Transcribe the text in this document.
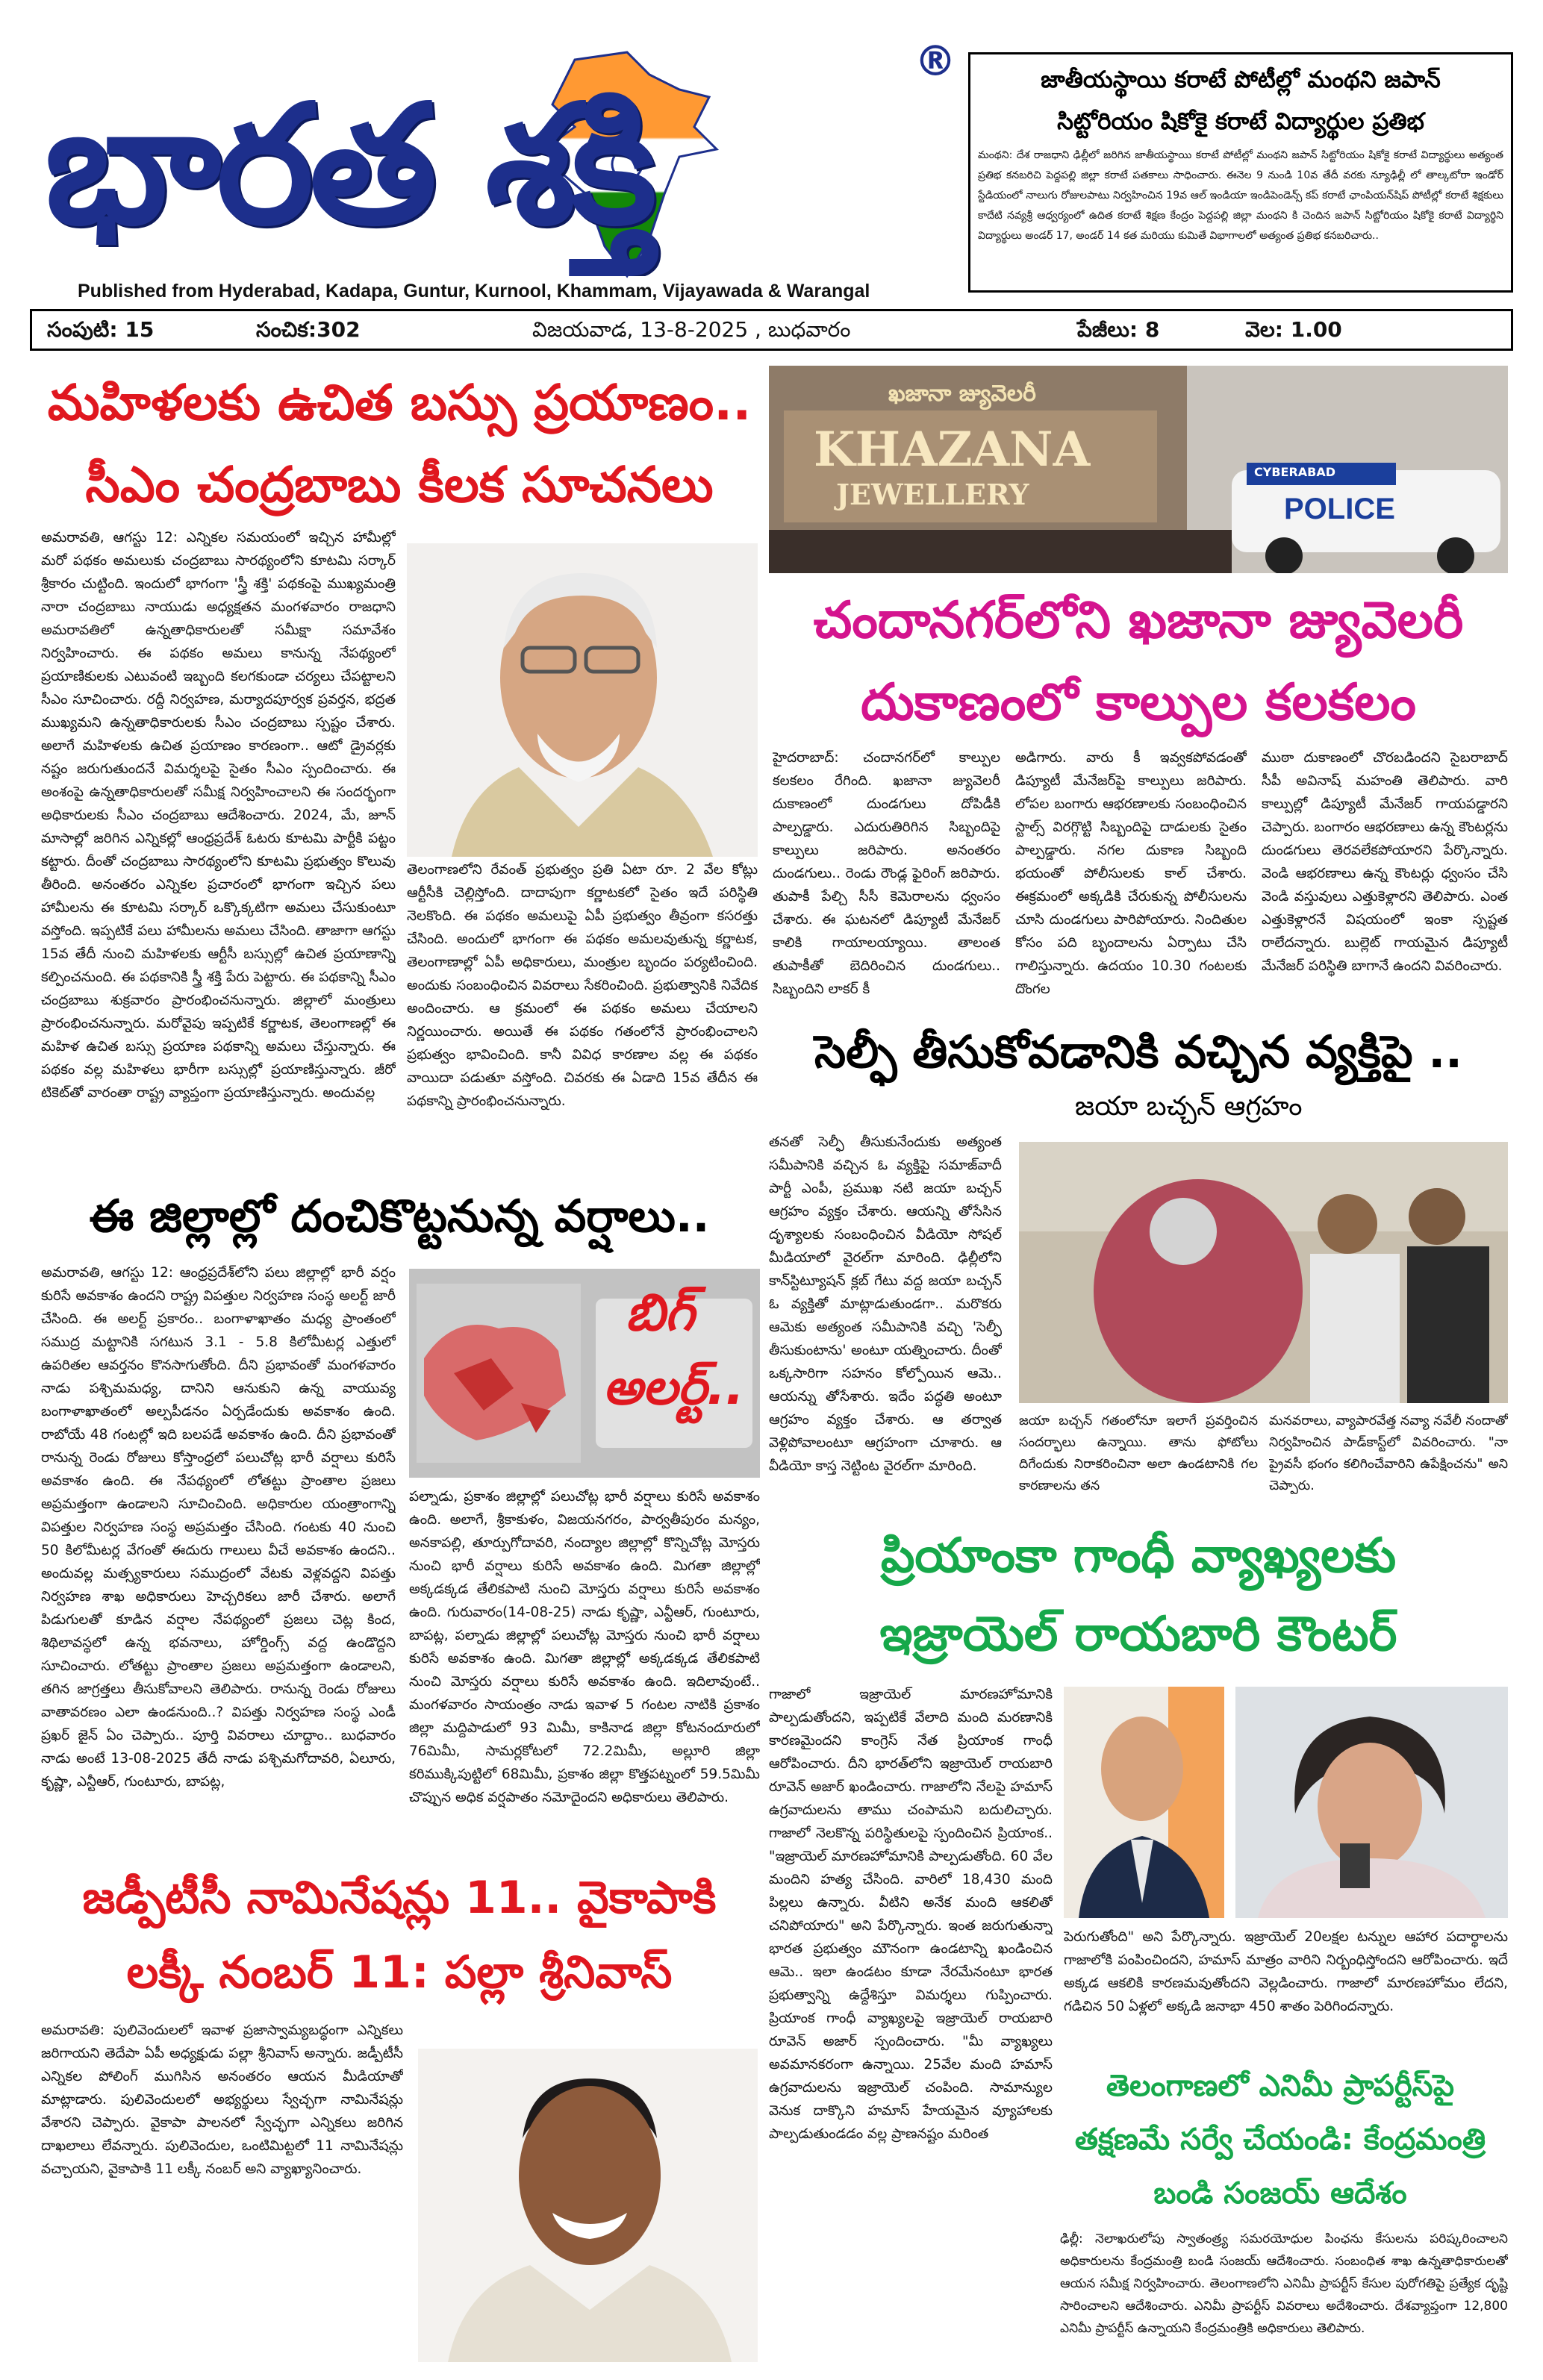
భారత శక్తి
®
Published from Hyderabad, Kadapa, Guntur, Kurnool, Khammam, Vijayawada & Warangal
జాతీయస్థాయి కరాటే పోటీల్లో మంథని జపాన్
సిట్టోరియం షికోకై కరాటే విద్యార్థుల ప్రతిభ
మంథని: దేశ రాజధాని ఢిల్లీలో జరిగిన జాతీయస్థాయి కరాటే పోటీల్లో మంథని జపాన్ సిట్టోరియం షికోకై కరాటే విద్యార్థులు అత్యంత ప్రతిభ కనబరిచి పెద్దపల్లి జిల్లా కరాటే పతకాలు సాధించారు. ఈనెల 9 నుండి 10వ తేదీ వరకు న్యూఢిల్లీ లో తాల్కటోరా ఇండోర్ స్టేడియంలో నాలుగు రోజులపాటు నిర్వహించిన 19వ ఆల్ ఇండియా ఇండిపెండెన్స్ కప్ కరాటే ఛాంపియన్‌షిప్ పోటీల్లో కరాటే శిక్షకులు కాదేటి నవ్యశ్రీ ఆధ్వర్యంలో ఉదిత కరాటే శిక్షణ కేంద్రం పెద్దపల్లి జిల్లా మంథని కి చెందిన జపాన్ సిట్టోరియం షికోకై కరాటే విద్యార్థిని విద్యార్థులు అండర్ 17, అండర్ 14 కత మరియు కుమితే విభాగాలలో అత్యంత ప్రతిభ కనబరిచారు..
సంపుటి: 15	సంచిక:302	విజయవాడ, 13-8-2025 , బుధవారం	పేజీలు: 8	వెల: 1.00
మహిళలకు ఉచిత బస్సు ప్రయాణం..
సీఎం చంద్రబాబు కీలక సూచనలు
అమరావతి, ఆగస్టు 12: ఎన్నికల సమయంలో ఇచ్చిన హామీల్లో మరో పథకం అమలుకు చంద్రబాబు సారథ్యంలోని కూటమి సర్కార్ శ్రీకారం చుట్టింది. ఇందులో భాగంగా 'స్త్రీ శక్తి' పథకంపై ముఖ్యమంత్రి నారా చంద్రబాబు నాయుడు అధ్యక్షతన మంగళవారం రాజధాని అమరావతిలో ఉన్నతాధికారులతో సమీక్షా సమావేశం నిర్వహించారు. ఈ పథకం అమలు కానున్న నేపథ్యంలో ప్రయాణికులకు ఎటువంటి ఇబ్బంది కలగకుండా చర్యలు చేపట్టాలని సీఎం సూచించారు. రద్దీ నిర్వహణ, మర్యాదపూర్వక ప్రవర్తన, భద్రత ముఖ్యమని ఉన్నతాధికారులకు సీఎం చంద్రబాబు స్పష్టం చేశారు. అలాగే మహిళలకు ఉచిత ప్రయాణం కారణంగా.. ఆటో డ్రైవర్లకు నష్టం జరుగుతుందనే విమర్శలపై సైతం సీఎం స్పందించారు. ఈ అంశంపై ఉన్నతాధికారులతో సమీక్ష నిర్వహించాలని ఈ సందర్భంగా అధికారులకు సీఎం చంద్రబాబు ఆదేశించారు. 2024, మే, జూన్ మాసాల్లో జరిగిన ఎన్నికల్లో ఆంధ్రప్రదేశ్ ఓటరు కూటమి పార్టీకి పట్టం కట్టారు. దీంతో చంద్రబాబు సారథ్యంలోని కూటమి ప్రభుత్వం కొలువు తీరింది. అనంతరం ఎన్నికల ప్రచారంలో భాగంగా ఇచ్చిన పలు హామీలను ఈ కూటమి సర్కార్ ఒక్కొక్కటిగా అమలు చేసుకుంటూ వస్తోంది. ఇప్పటికే పలు హామీలను అమలు చేసింది. తాజాగా ఆగస్టు 15వ తేదీ నుంచి మహిళలకు ఆర్టీసీ బస్సుల్లో ఉచిత ప్రయాణాన్ని కల్పించనుంది. ఈ పథకానికి స్త్రీ శక్తి పేరు పెట్టారు. ఈ పథకాన్ని సీఎం చంద్రబాబు శుక్రవారం ప్రారంభించనున్నారు. జిల్లాలో మంత్రులు ప్రారంభించనున్నారు. మరోవైపు ఇప్పటికే కర్ణాటక, తెలంగాణల్లో ఈ మహిళ ఉచిత బస్సు ప్రయాణ పథకాన్ని అమలు చేస్తున్నారు. ఈ పథకం వల్ల మహిళలు భారీగా బస్సుల్లో ప్రయాణిస్తున్నారు. జీరో టికెట్‌తో వారంతా రాష్ట్ర వ్యాప్తంగా ప్రయాణిస్తున్నారు. అందువల్ల
తెలంగాణలోని రేవంత్ ప్రభుత్వం ప్రతి ఏటా రూ. 2 వేల కోట్లు ఆర్టీసీకి చెల్లిస్తోంది. దాదాపుగా కర్ణాటకలో సైతం ఇదే పరిస్థితి నెలకొంది. ఈ పథకం అమలుపై ఏపీ ప్రభుత్వం తీవ్రంగా కసరత్తు చేసింది. అందులో భాగంగా ఈ పథకం అమలవుతున్న కర్ణాటక, తెలంగాణాల్లో ఏపీ అధికారులు, మంత్రుల బృందం పర్యటించింది. అందుకు సంబంధించిన వివరాలు సేకరించింది. ప్రభుత్వానికి నివేదిక అందించారు. ఆ క్రమంలో ఈ పథకం అమలు చేయాలని నిర్ణయించారు. అయితే ఈ పథకం గతంలోనే ప్రారంభించాలని ప్రభుత్వం భావించింది. కానీ వివిధ కారణాల వల్ల ఈ పథకం వాయిదా పడుతూ వస్తోంది. చివరకు ఈ ఏడాది 15వ తేదీన ఈ పథకాన్ని ప్రారంభించనున్నారు.
ఖజానా జ్యువెలరీ
KHAZANA
JEWELLERY	POLICE
CYBERABAD
చందానగర్‌లోని ఖజానా జ్యువెలరీ
దుకాణంలో కాల్పుల కలకలం
హైదరాబాద్: చందానగర్‌లో కాల్పుల కలకలం రేగింది. ఖజానా జ్యువెలరీ దుకాణంలో దుండగులు దోపిడీకి పాల్పడ్డారు. ఎదురుతిరిగిన సిబ్బందిపై కాల్పులు జరిపారు. అనంతరం దుండగులు.. రెండు రౌండ్ల ఫైరింగ్ జరిపారు. తుపాకీ పేల్చి సీసీ కెమెరాలను ధ్వంసం చేశారు. ఈ ఘటనలో డిప్యూటీ మేనేజర్ కాలికి గాయాలయ్యాయి. తాలంత తుపాకీతో బెదిరించిన దుండగులు.. సిబ్బందిని లాకర్ కీ
అడిగారు. వారు కీ ఇవ్వకపోవడంతో డిప్యూటీ మేనేజర్‌పై కాల్పులు జరిపారు. లోపల బంగారు ఆభరణాలకు సంబంధించిన స్టాల్స్ విరగ్గొట్టి సిబ్బందిపై దాడులకు సైతం పాల్పడ్డారు. నగల దుకాణ సిబ్బంది భయంతో పోలీసులకు కాల్ చేశారు. ఈక్రమంలో అక్కడికి చేరుకున్న పోలీసులను చూసి దుండగులు పారిపోయారు. నిందితుల కోసం పది బృందాలను ఏర్పాటు చేసి గాలిస్తున్నారు. ఉదయం 10.30 గంటలకు దొంగల
ముఠా దుకాణంలో చొరబడిందని సైబరాబాద్ సీపీ అవినాష్ మహంతి తెలిపారు. వారి కాల్పుల్లో డిప్యూటీ మేనేజర్ గాయపడ్డారని చెప్పారు. బంగారం ఆభరణాలు ఉన్న కౌంటర్లను దుండగులు తెరవలేకపోయారని పేర్కొన్నారు. వెండి ఆభరణాలు ఉన్న కౌంటర్లు ధ్వంసం చేసి వెండి వస్తువులు ఎత్తుకెళ్లారని తెలిపారు. ఎంత ఎత్తుకెళ్లారనే విషయంలో ఇంకా స్పష్టత రాలేదన్నారు. బుల్లెట్ గాయమైన డిప్యూటీ మేనేజర్ పరిస్థితి బాగానే ఉందని వివరించారు.
సెల్ఫీ తీసుకోవడానికి వచ్చిన వ్యక్తిపై ..
జయా బచ్చన్ ఆగ్రహం
తనతో సెల్ఫీ తీసుకునేందుకు అత్యంత సమీపానికి వచ్చిన ఓ వ్యక్తిపై సమాజ్‌వాదీ పార్టీ ఎంపీ, ప్రముఖ నటి జయా బచ్చన్ ఆగ్రహం వ్యక్తం చేశారు. ఆయన్ని తోసేసిన దృశ్యాలకు సంబంధించిన వీడియో సోషల్ మీడియాలో వైరల్‌గా మారింది. ఢిల్లీలోని కాన్‌స్టిట్యూషన్ క్లబ్ గేటు వద్ద జయా బచ్చన్ ఓ వ్యక్తితో మాట్లాడుతుండగా.. మరొకరు ఆమెకు అత్యంత సమీపానికి వచ్చి 'సెల్ఫీ తీసుకుంటాను' అంటూ యత్నించారు. దీంతో ఒక్కసారిగా సహనం కోల్పోయిన ఆమె.. ఆయన్ను తోసేశారు. ఇదేం పద్ధతి అంటూ ఆగ్రహం వ్యక్తం చేశారు. ఆ తర్వాత వెళ్లిపోవాలంటూ ఆగ్రహంగా చూశారు. ఆ వీడియో కాస్త నెట్టింట వైరల్‌గా మారింది.
జయా బచ్చన్ గతంలోనూ ఇలాగే ప్రవర్తించిన సందర్భాలు ఉన్నాయి. తాను ఫోటోలు దిగేందుకు నిరాకరించినా అలా ఉండటానికి గల కారణాలను తన
మనవరాలు, వ్యాపారవేత్త నవ్యా నవేలీ నందాతో నిర్వహించిన పాడ్‌కాస్ట్‌లో వివరించారు. "నా ప్రైవసీ భంగం కలిగించేవారిని ఉపేక్షించను" అని చెప్పారు.
ఈ జిల్లాల్లో దంచికొట్టనున్న వర్షాలు..
అమరావతి, ఆగస్టు 12: ఆంధ్రప్రదేశ్‌లోని పలు జిల్లాల్లో భారీ వర్షం కురిసే అవకాశం ఉందని రాష్ట్ర విపత్తుల నిర్వహణ సంస్థ అలర్ట్ జారీ చేసింది. ఈ అలర్ట్ ప్రకారం.. బంగాళాఖాతం మధ్య ప్రాంతంలో సముద్ర మట్టానికి సగటున 3.1 - 5.8 కిలోమీటర్ల ఎత్తులో ఉపరితల ఆవర్తనం కొనసాగుతోంది. దీని ప్రభావంతో మంగళవారం నాడు పశ్చిమమధ్య, దానిని ఆనుకుని ఉన్న వాయువ్య బంగాళాఖాతంలో అల్పపీడనం ఏర్పడేందుకు అవకాశం ఉంది. రాబోయే 48 గంటల్లో ఇది బలపడే అవకాశం ఉంది. దీని ప్రభావంతో రానున్న రెండు రోజులు కోస్తాంధ్రలో పలుచోట్ల భారీ వర్షాలు కురిసే అవకాశం ఉంది. ఈ నేపథ్యంలో లోతట్టు ప్రాంతాల ప్రజలు అప్రమత్తంగా ఉండాలని సూచించింది. అధికారుల యంత్రాంగాన్ని విపత్తుల నిర్వహణ సంస్థ అప్రమత్తం చేసింది. గంటకు 40 నుంచి 50 కిలోమీటర్ల వేగంతో ఈదురు గాలులు వీచే అవకాశం ఉందని.. అందువల్ల మత్స్యకారులు సముద్రంలో వేటకు వెళ్లవద్దని విపత్తు నిర్వహణ శాఖ అధికారులు హెచ్చరికలు జారీ చేశారు. అలాగే పిడుగులతో కూడిన వర్షాల నేపథ్యంలో ప్రజలు చెట్ల కింద, శిథిలావస్థలో ఉన్న భవనాలు, హోర్డింగ్స్ వద్ద ఉండొద్దని సూచించారు. లోతట్టు ప్రాంతాల ప్రజలు అప్రమత్తంగా ఉండాలని, తగిన జాగ్రత్తలు తీసుకోవాలని తెలిపారు. రానున్న రెండు రోజులు వాతావరణం ఎలా ఉండనుంది..? విపత్తు నిర్వహణ సంస్థ ఎండీ ప్రఖర్ జైన్ ఏం చెప్పారు.. పూర్తి వివరాలు చూద్దాం.. బుధవారం నాడు అంటే 13-08-2025 తేదీ నాడు పశ్చిమగోదావరి, ఏలూరు, కృష్ణా, ఎన్టీఆర్, గుంటూరు, బాపట్ల,
బిగ్
అలర్ట్..
పల్నాడు, ప్రకాశం జిల్లాల్లో పలుచోట్ల భారీ వర్షాలు కురిసే అవకాశం ఉంది. అలాగే, శ్రీకాకుళం, విజయనగరం, పార్వతీపురం మన్యం, అనకాపల్లి, తూర్పుగోదావరి, నంద్యాల జిల్లాల్లో కొన్నిచోట్ల మోస్తరు నుంచి భారీ వర్షాలు కురిసే అవకాశం ఉంది. మిగతా జిల్లాల్లో అక్కడక్కడ తేలికపాటి నుంచి మోస్తరు వర్షాలు కురిసే అవకాశం ఉంది. గురువారం(14-08-25) నాడు కృష్ణా, ఎన్టీఆర్, గుంటూరు, బాపట్ల, పల్నాడు జిల్లాల్లో పలుచోట్ల మోస్తరు నుంచి భారీ వర్షాలు కురిసే అవకాశం ఉంది. మిగతా జిల్లాల్లో అక్కడక్కడ తేలికపాటి నుంచి మోస్తరు వర్షాలు కురిసే అవకాశం ఉంది. ఇదిలావుంటే.. మంగళవారం సాయంత్రం నాడు ఇవాళ 5 గంటల నాటికి ప్రకాశం జిల్లా మద్దిపాడులో 93 మిమీ, కాకినాడ జిల్లా కోటనందూరులో 76మిమీ, సామర్లకోటలో 72.2మిమీ, అల్లూరి జిల్లా కరిముక్కిపుట్టిలో 68మిమీ, ప్రకాశం జిల్లా కొత్తపట్నంలో 59.5మిమీ చొప్పున అధిక వర్షపాతం నమోదైందని అధికారులు తెలిపారు.
ప్రియాంకా గాంధీ వ్యాఖ్యలకు
ఇజ్రాయెల్ రాయబారి కౌంటర్
గాజాలో ఇజ్రాయెల్ మారణహోమానికి పాల్పడుతోందని, ఇప్పటికే వేలాది మంది మరణానికి కారణమైందని కాంగ్రెస్ నేత ప్రియాంక గాంధీ ఆరోపించారు. దీని భారత్‌లోని ఇజ్రాయెల్ రాయబారి రూవెన్ అజార్ ఖండించారు. గాజాలోని నేలపై హమాస్ ఉగ్రవాదులను తాము చంపామని బదులిచ్చారు. గాజాలో నెలకొన్న పరిస్థితులపై స్పందించిన ప్రియాంక.. "ఇజ్రాయెల్ మారణహోమానికి పాల్పడుతోంది. 60 వేల మందిని హత్య చేసింది. వారిలో 18,430 మంది పిల్లలు ఉన్నారు. వీటిని అనేక మంది ఆకలితో చనిపోయారు" అని పేర్కొన్నారు. ఇంత జరుగుతున్నా భారత ప్రభుత్వం మౌనంగా ఉండటాన్ని ఖండించిన ఆమె.. ఇలా ఉండటం కూడా నేరమేనంటూ భారత ప్రభుత్వాన్ని ఉద్దేశిస్తూ విమర్శలు గుప్పించారు. ప్రియాంక గాంధీ వ్యాఖ్యలపై ఇజ్రాయెల్ రాయబారి రూవెన్ అజార్ స్పందించారు. "మీ వ్యాఖ్యలు అవమానకరంగా ఉన్నాయి. 25వేల మంది హమాస్ ఉగ్రవాదులను ఇజ్రాయెల్ చంపింది. సామాన్యుల వెనుక దాక్కొని హమాస్ హేయమైన వ్యూహాలకు పాల్పడుతుండడం వల్ల ప్రాణనష్టం మరింత
పెరుగుతోంది" అని పేర్కొన్నారు. ఇజ్రాయెల్ 20లక్షల టన్నుల ఆహార పదార్థాలను గాజాలోకి పంపించిందని, హమాస్ మాత్రం వారిని నిర్బంధిస్తోందని ఆరోపించారు. ఇదే అక్కడ ఆకలికి కారణమవుతోందని వెల్లడించారు. గాజాలో మారణహోమం లేదని, గడిచిన 50 ఏళ్లలో అక్కడి జనాభా 450 శాతం పెరిగిందన్నారు.
జడ్పీటీసీ నామినేషన్లు 11.. వైకాపాకి
లక్కీ నంబర్ 11: పల్లా శ్రీనివాస్
అమరావతి: పులివెందులలో ఇవాళ ప్రజాస్వామ్యబద్ధంగా ఎన్నికలు జరిగాయని తెదేపా ఏపీ అధ్యక్షుడు పల్లా శ్రీనివాస్ అన్నారు. జడ్పీటీసీ ఎన్నికల పోలింగ్ ముగిసిన అనంతరం ఆయన మీడియాతో మాట్లాడారు. పులివెందులలో అభ్యర్థులు స్వేచ్ఛగా నామినేషన్లు వేశారని చెప్పారు. వైకాపా పాలనలో స్వేచ్ఛగా ఎన్నికలు జరిగిన దాఖలాలు లేవన్నారు. పులివెందుల, ఒంటిమిట్టలో 11 నామినేషన్లు వచ్చాయని, వైకాపాకి 11 లక్కీ నంబర్ అని వ్యాఖ్యానించారు.
తెలంగాణలో ఎనిమీ ప్రాపర్టీస్‌పై
తక్షణమే సర్వే చేయండి: కేంద్రమంత్రి
బండి సంజయ్ ఆదేశం
ఢిల్లీ: నెలాఖరులోపు స్వాతంత్ర్య సమరయోధుల పింఛను కేసులను పరిష్కరించాలని అధికారులను కేంద్రమంత్రి బండి సంజయ్ ఆదేశించారు. సంబంధిత శాఖ ఉన్నతాధికారులతో ఆయన సమీక్ష నిర్వహించారు. తెలంగాణలోని ఎనిమీ ప్రాపర్టీస్ కేసుల పురోగతిపై ప్రత్యేక దృష్టి సారించాలని ఆదేశించారు. ఎనిమీ ప్రాపర్టీస్ వివరాలు అదేశించారు. దేశవ్యాప్తంగా 12,800 ఎనిమీ ప్రాపర్టీస్ ఉన్నాయని కేంద్రమంత్రికి అధికారులు తెలిపారు.
